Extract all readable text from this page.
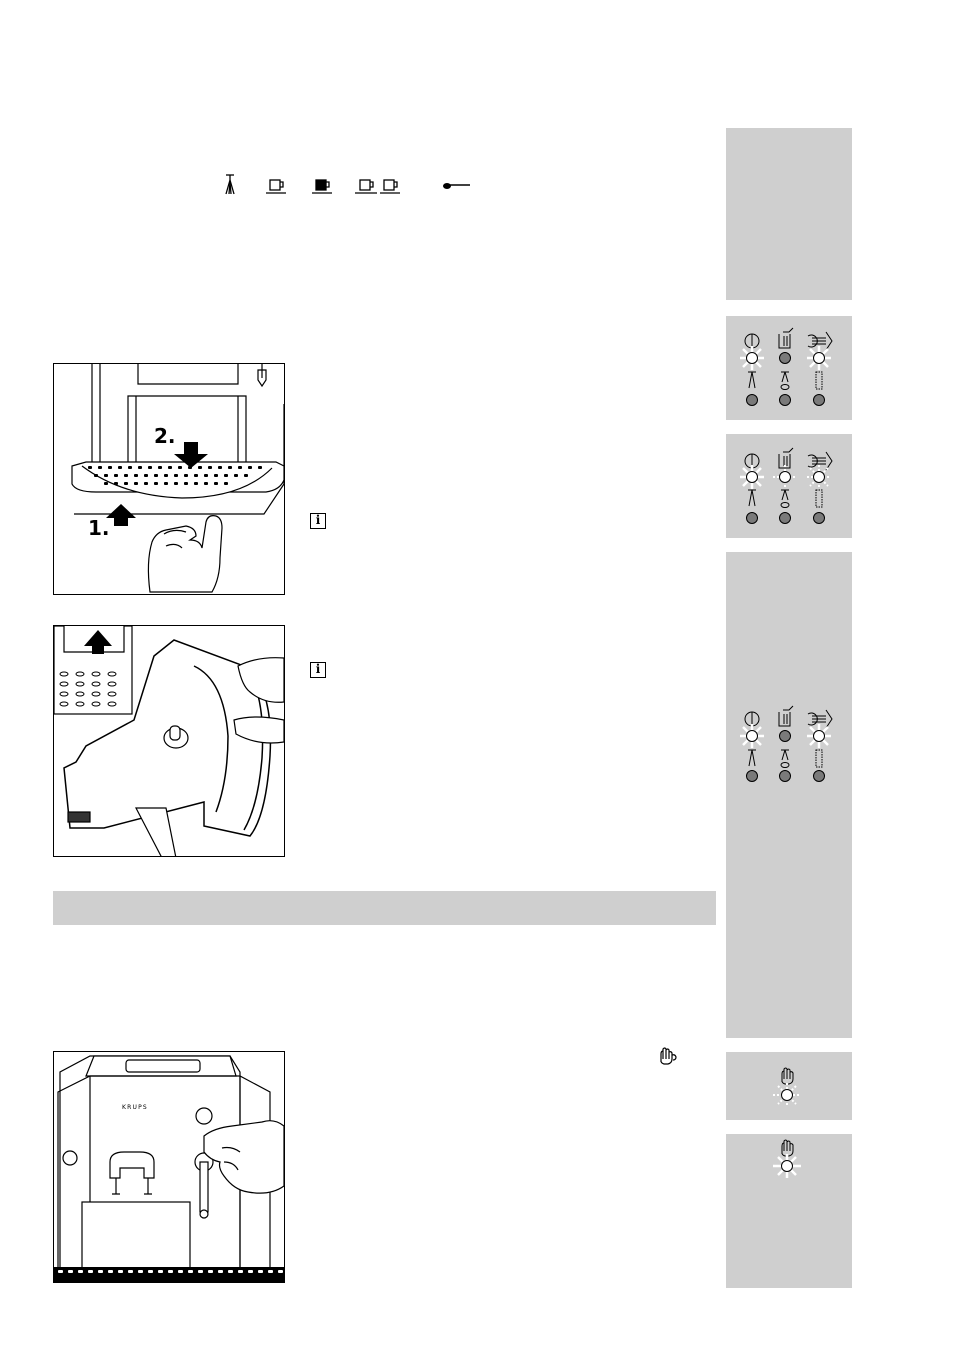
2.
1.
i
i
KRUPS
